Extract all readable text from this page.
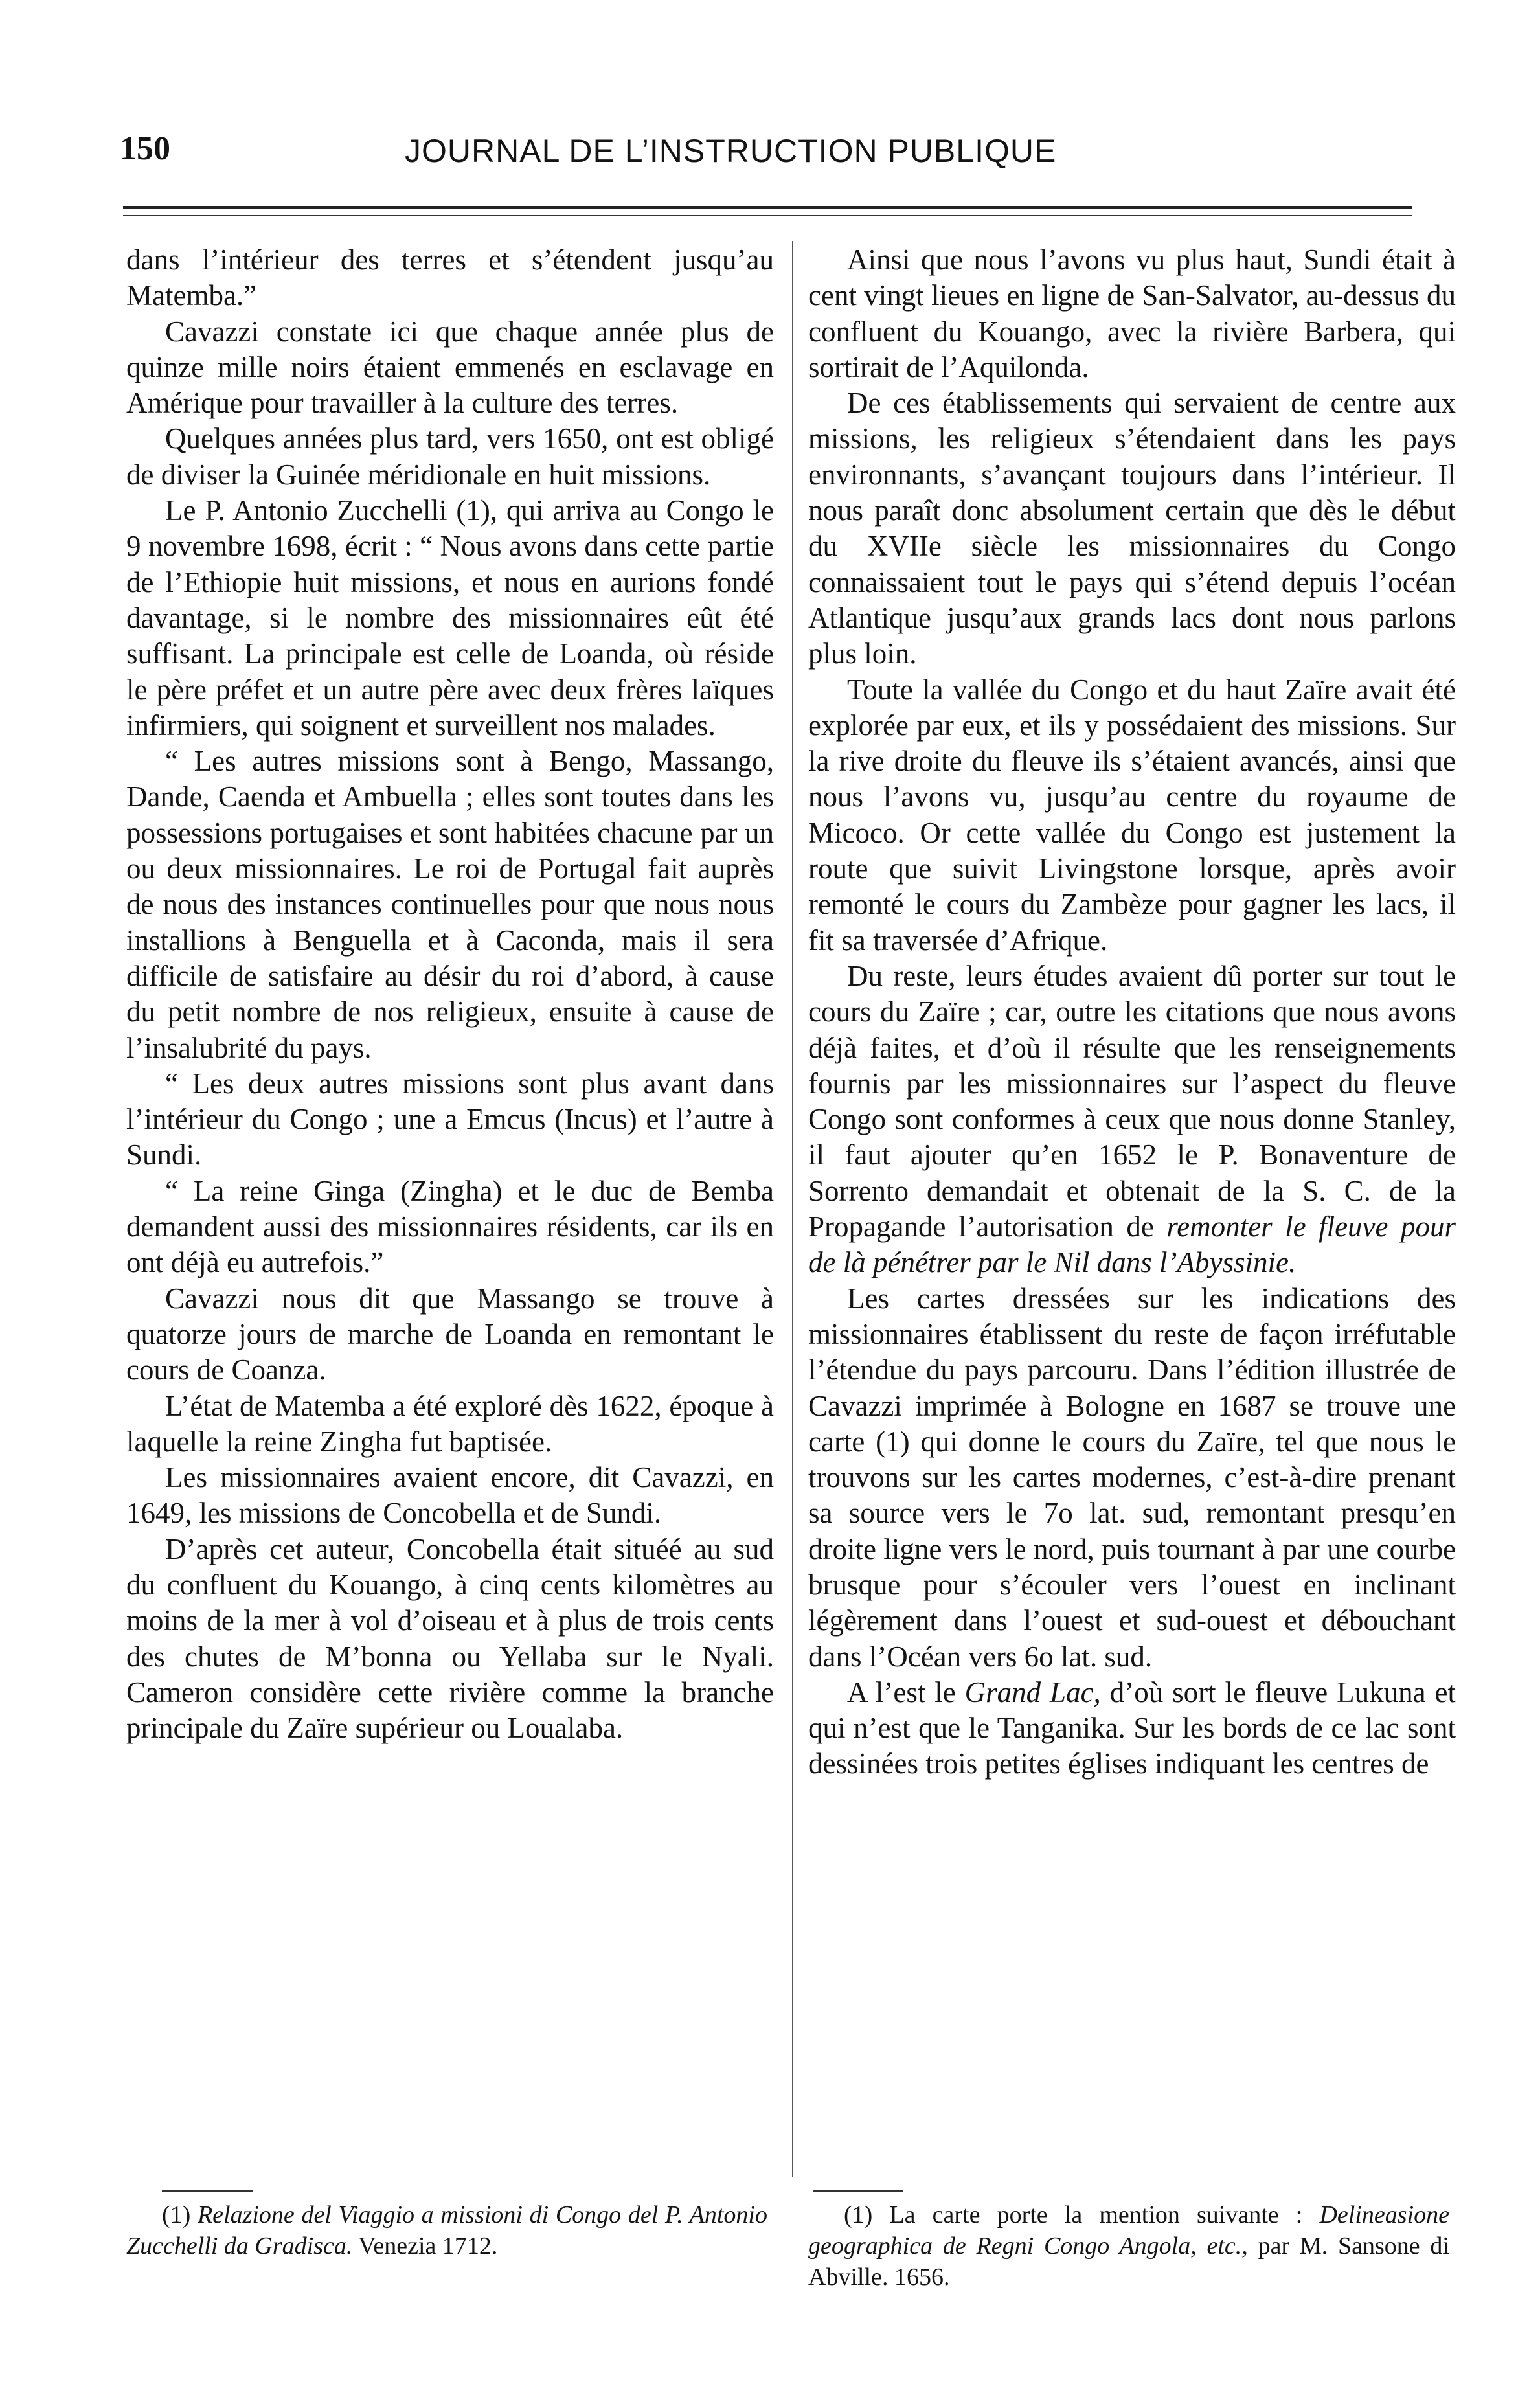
150	JOURNAL DE L’INSTRUCTION PUBLIQUE

dans l’intérieur des terres et s’étendent jusqu’au Matemba.”

Cavazzi constate ici que chaque année plus de quinze mille noirs étaient emmenés en esclavage en Amérique pour travailler à la culture des terres.

Quelques années plus tard, vers 1650, ont est obligé de diviser la Guinée méridionale en huit missions.

Le P. Antonio Zucchelli (1), qui arriva au Congo le 9 novembre 1698, écrit : “ Nous avons dans cette partie de l’Ethiopie huit missions, et nous en aurions fondé davantage, si le nombre des missionnaires eût été suffisant. La principale est celle de Loanda, où réside le père préfet et un autre père avec deux frères laïques infirmiers, qui soignent et surveillent nos malades.

“ Les autres missions sont à Bengo, Massango, Dande, Caenda et Ambuella ; elles sont toutes dans les possessions portugaises et sont habitées chacune par un ou deux missionnaires. Le roi de Portugal fait auprès de nous des instances continuelles pour que nous nous installions à Benguella et à Caconda, mais il sera difficile de satisfaire au désir du roi d’abord, à cause du petit nombre de nos religieux, ensuite à cause de l’insalubrité du pays.

“ Les deux autres missions sont plus avant dans l’intérieur du Congo ; une a Emcus (Incus) et l’autre à Sundi.

“ La reine Ginga (Zingha) et le duc de Bemba demandent aussi des missionnaires résidents, car ils en ont déjà eu autrefois.”

Cavazzi nous dit que Massango se trouve à quatorze jours de marche de Loanda en remontant le cours de Coanza.

L’état de Matemba a été exploré dès 1622, époque à laquelle la reine Zingha fut baptisée.

Les missionnaires avaient encore, dit Cavazzi, en 1649, les missions de Concobella et de Sundi.

D’après cet auteur, Concobella était situéé au sud du confluent du Kouango, à cinq cents kilomètres au moins de la mer à vol d’oiseau et à plus de trois cents des chutes de M’bonna ou Yellaba sur le Nyali. Cameron considère cette rivière comme la branche principale du Zaïre supérieur ou Loualaba.

Ainsi que nous l’avons vu plus haut, Sundi était à cent vingt lieues en ligne de San-Salvator, au-dessus du confluent du Kouango, avec la rivière Barbera, qui sortirait de l’Aquilonda.

De ces établissements qui servaient de centre aux missions, les religieux s’étendaient dans les pays environnants, s’avançant toujours dans l’intérieur. Il nous paraît donc absolument certain que dès le début du XVIIe siècle les missionnaires du Congo connaissaient tout le pays qui s’étend depuis l’océan Atlantique jusqu’aux grands lacs dont nous parlons plus loin.

Toute la vallée du Congo et du haut Zaïre avait été explorée par eux, et ils y possédaient des missions. Sur la rive droite du fleuve ils s’étaient avancés, ainsi que nous l’avons vu, jusqu’au centre du royaume de Micoco. Or cette vallée du Congo est justement la route que suivit Livingstone lorsque, après avoir remonté le cours du Zambèze pour gagner les lacs, il fit sa traversée d’Afrique.

Du reste, leurs études avaient dû porter sur tout le cours du Zaïre ; car, outre les citations que nous avons déjà faites, et d’où il résulte que les renseignements fournis par les missionnaires sur l’aspect du fleuve Congo sont conformes à ceux que nous donne Stanley, il faut ajouter qu’en 1652 le P. Bonaventure de Sorrento demandait et obtenait de la S. C. de la Propagande l’autorisation de remonter le fleuve pour de là pénétrer par le Nil dans l’Abyssinie.

Les cartes dressées sur les indications des missionnaires établissent du reste de façon irréfutable l’étendue du pays parcouru. Dans l’édition illustrée de Cavazzi imprimée à Bologne en 1687 se trouve une carte (1) qui donne le cours du Zaïre, tel que nous le trouvons sur les cartes modernes, c’est-à-dire prenant sa source vers le 7o lat. sud, remontant presqu’en droite ligne vers le nord, puis tournant à par une courbe brusque pour s’écouler vers l’ouest en inclinant légèrement dans l’ouest et sud-ouest et débouchant dans l’Océan vers 6o lat. sud.

A l’est le Grand Lac, d’où sort le fleuve Lukuna et qui n’est que le Tanganika. Sur les bords de ce lac sont dessinées trois petites églises indiquant les centres de

(1) Relazione del Viaggio a missioni di Congo del P. Antonio Zucchelli da Gradisca. Venezia 1712.

(1) La carte porte la mention suivante : Delineasione geographica de Regni Congo Angola, etc., par M. Sansone di Abville. 1656.
